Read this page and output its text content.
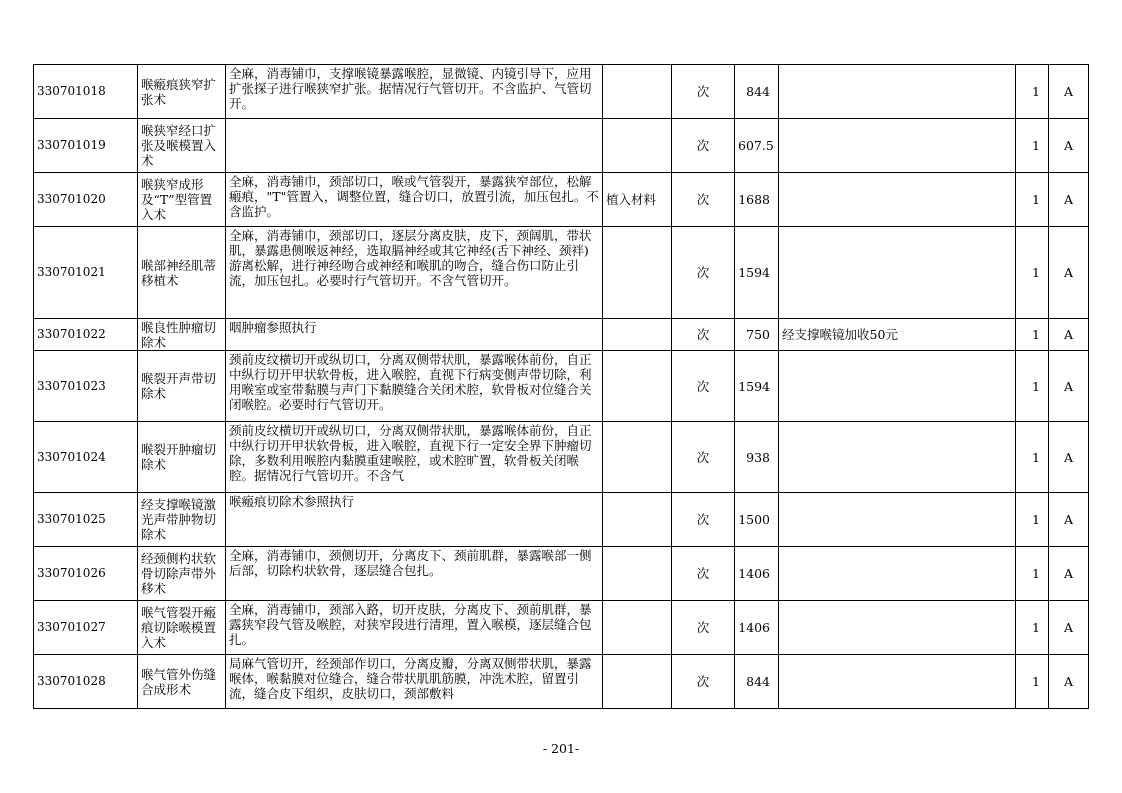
330701018	喉瘢痕狭窄扩张术	全麻，消毒铺巾，支撑喉镜暴露喉腔，显微镜、内镜引导下，应用扩张探子进行喉狭窄扩张。据情况行气管切开。不含监护、气管切开。		次	844		1	A

330701019	喉狭窄经口扩张及喉模置入术			次	607.5		1	A

330701020	喉狭窄成形及“T”型管置入术	全麻，消毒铺巾，颈部切口，喉或气管裂开，暴露狭窄部位，松解瘢痕，"T"管置入，调整位置，缝合切口，放置引流，加压包扎。不含监护。	植入材料	次	1688		1	A

330701021	喉部神经肌蒂移植术	全麻，消毒铺巾，颈部切口，逐层分离皮肤，皮下，颈阔肌，带状肌，暴露患侧喉返神经，选取膈神经或其它神经(舌下神经、颈袢)游离松解，进行神经吻合或神经和喉肌的吻合，缝合伤口防止引流，加压包扎。必要时行气管切开。不含气管切开。		次	1594		1	A

330701022	喉良性肿瘤切除术	咽肿瘤参照执行		次	750	经支撑喉镜加收50元	1	A

330701023	喉裂开声带切除术	颈前皮纹横切开或纵切口，分离双侧带状肌，暴露喉体前份，自正中纵行切开甲状软骨板，进入喉腔，直视下行病变侧声带切除，利用喉室或室带黏膜与声门下黏膜缝合关闭术腔，软骨板对位缝合关闭喉腔。必要时行气管切开。		次	1594		1	A

330701024	喉裂开肿瘤切除术	颈前皮纹横切开或纵切口，分离双侧带状肌，暴露喉体前份，自正中纵行切开甲状软骨板，进入喉腔，直视下行一定安全界下肿瘤切除，多数利用喉腔内黏膜重建喉腔，或术腔旷置，软骨板关闭喉腔。据情况行气管切开。不含气		次	938		1	A

330701025	经支撑喉镜激光声带肿物切除术	喉瘢痕切除术参照执行		次	1500		1	A

330701026	经颈侧杓状软骨切除声带外移术	全麻，消毒铺巾，颈侧切开，分离皮下、颈前肌群，暴露喉部一侧后部，切除杓状软骨，逐层缝合包扎。		次	1406		1	A

330701027	喉气管裂开瘢痕切除喉模置入术	全麻，消毒铺巾，颈部入路，切开皮肤，分离皮下、颈前肌群，暴露狭窄段气管及喉腔，对狭窄段进行清理，置入喉模，逐层缝合包扎。		次	1406		1	A

330701028	喉气管外伤缝合成形术	局麻气管切开，经颈部作切口，分离皮瓣，分离双侧带状肌，暴露喉体，喉黏膜对位缝合，缝合带状肌肌筋膜，冲洗术腔，留置引流，缝合皮下组织，皮肤切口，颈部敷料		次	844		1	A
- 201-
